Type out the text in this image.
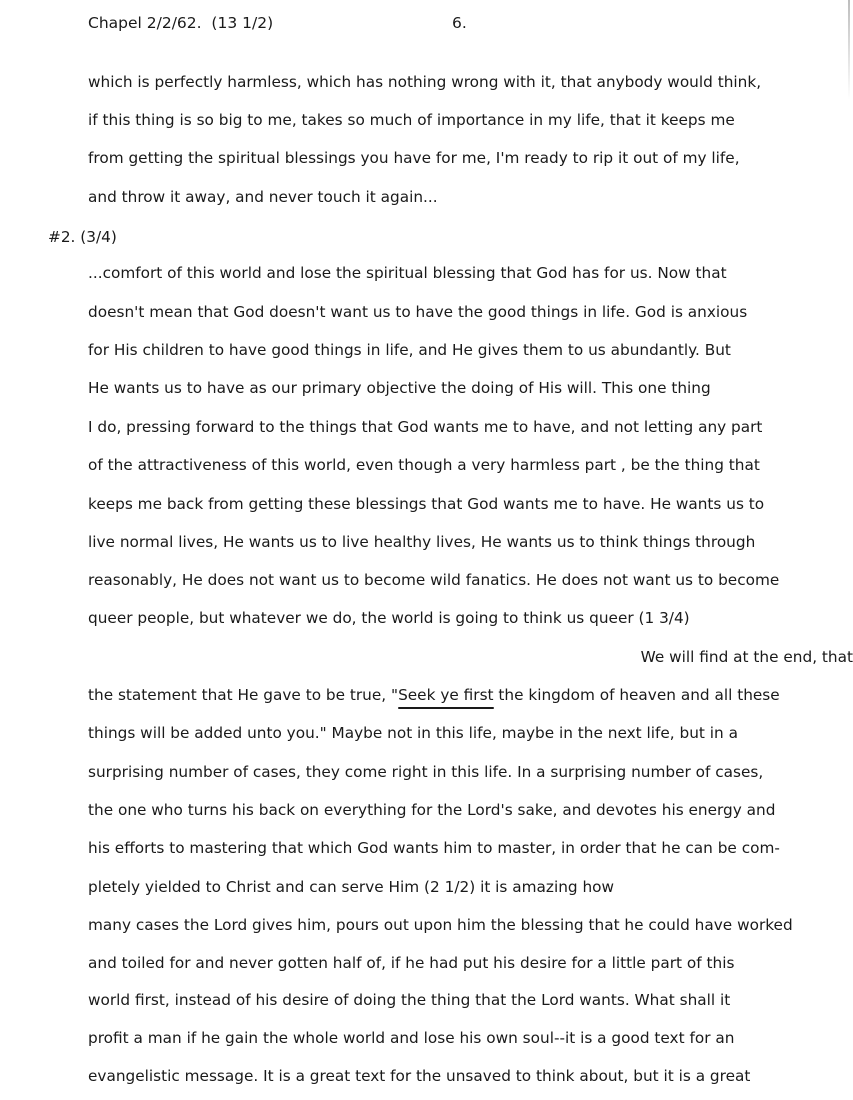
Chapel 2/2/62.  (13 1/2)	6.
which is perfectly harmless, which has nothing wrong with it, that anybody would think,
if this thing is so big to me, takes so much of importance in my life, that it keeps me
from getting the spiritual blessings you have for me, I'm ready to rip it out of my life,
and throw it away, and never touch it again...
#2. (3/4)
...comfort of this world and lose the spiritual blessing that God has for us. Now that
doesn't mean that God doesn't want us to have the good things in life. God is anxious
for His children to have good things in life, and He gives them to us abundantly. But
He wants us to have as our primary objective the doing of His will. This one thing
I do, pressing forward to the things that God wants me to have, and not letting any part
of the attractiveness of this world, even though a very harmless part , be the thing that
keeps me back from getting these blessings that God wants me to have. He wants us to
live normal lives, He wants us to live healthy lives, He wants us to think things through
reasonably, He does not want us to become wild fanatics. He does not want us to become
queer people, but whatever we do, the world is going to think us queer (1 3/4)
We will find at the end, that
the statement that He gave to be true, "Seek ye first the kingdom of heaven and all these
things will be added unto you." Maybe not in this life, maybe in the next life, but in a
surprising number of cases, they come right in this life. In a surprising number of cases,
the one who turns his back on everything for the Lord's sake, and devotes his energy and
his efforts to mastering that which God wants him to master, in order that he can be com-
pletely yielded to Christ and can serve Him (2 1/2) it is amazing how
many cases the Lord gives him, pours out upon him the blessing that he could have worked
and toiled for and never gotten half of, if he had put his desire for a little part of this
world first, instead of his desire of doing the thing that the Lord wants. What shall it
profit a man if he gain the whole world and lose his own soul--it is a good text for an
evangelistic message. It is a great text for the unsaved to think about, but it is a great
